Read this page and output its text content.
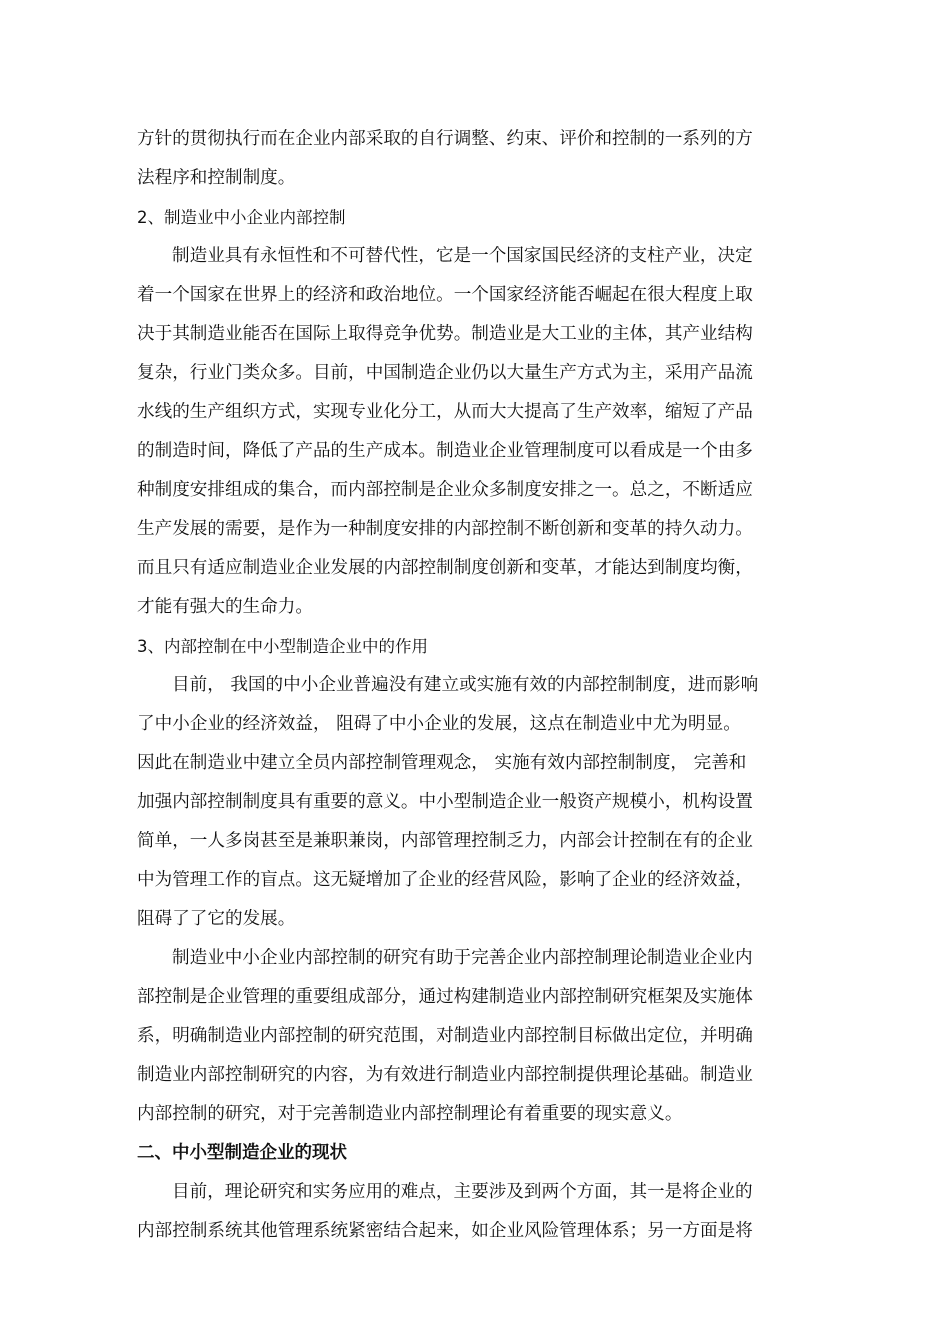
方针的贯彻执行而在企业内部采取的自行调整、约束、评价和控制的一系列的方
法程序和控制制度。
2、制造业中小企业内部控制
制造业具有永恒性和不可替代性，它是一个国家国民经济的支柱产业，决定
着一个国家在世界上的经济和政治地位。一个国家经济能否崛起在很大程度上取
决于其制造业能否在国际上取得竞争优势。制造业是大工业的主体，其产业结构
复杂，行业门类众多。目前，中国制造企业仍以大量生产方式为主，采用产品流
水线的生产组织方式，实现专业化分工，从而大大提高了生产效率，缩短了产品
的制造时间，降低了产品的生产成本。制造业企业管理制度可以看成是一个由多
种制度安排组成的集合，而内部控制是企业众多制度安排之一。总之，不断适应
生产发展的需要，是作为一种制度安排的内部控制不断创新和变革的持久动力。
而且只有适应制造业企业发展的内部控制制度创新和变革，才能达到制度均衡，
才能有强大的生命力。
3、内部控制在中小型制造企业中的作用
目前， 我国的中小企业普遍没有建立或实施有效的内部控制制度，进而影响
了中小企业的经济效益， 阻碍了中小企业的发展，这点在制造业中尤为明显。
因此在制造业中建立全员内部控制管理观念， 实施有效内部控制制度， 完善和
加强内部控制制度具有重要的意义。中小型制造企业一般资产规模小，机构设置
简单，一人多岗甚至是兼职兼岗，内部管理控制乏力，内部会计控制在有的企业
中为管理工作的盲点。这无疑增加了企业的经营风险，影响了企业的经济效益，
阻碍了了它的发展。
制造业中小企业内部控制的研究有助于完善企业内部控制理论制造业企业内
部控制是企业管理的重要组成部分，通过构建制造业内部控制研究框架及实施体
系，明确制造业内部控制的研究范围，对制造业内部控制目标做出定位，并明确
制造业内部控制研究的内容，为有效进行制造业内部控制提供理论基础。制造业
内部控制的研究，对于完善制造业内部控制理论有着重要的现实意义。
二、中小型制造企业的现状
目前，理论研究和实务应用的难点，主要涉及到两个方面，其一是将企业的
内部控制系统其他管理系统紧密结合起来，如企业风险管理体系；另一方面是将
